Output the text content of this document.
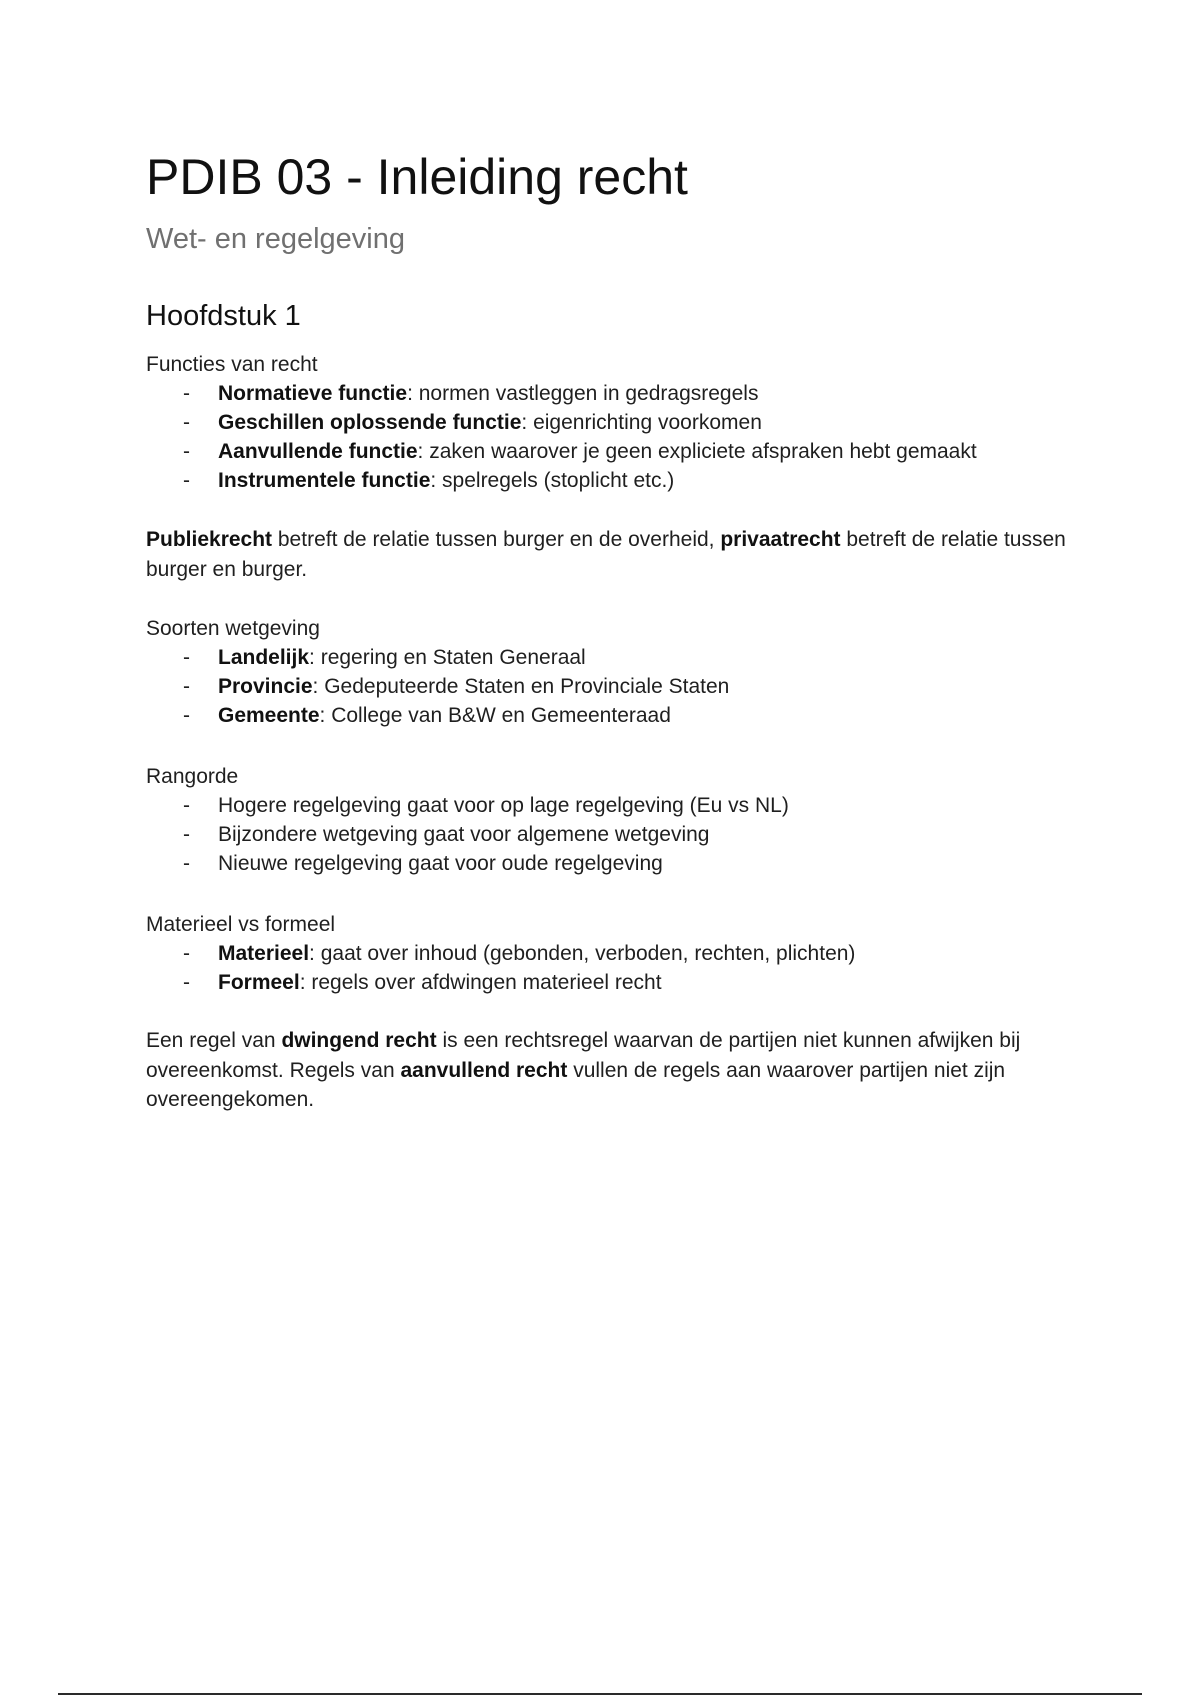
PDIB 03 - Inleiding recht
Wet- en regelgeving
Hoofdstuk 1

Functies van recht

- Normatieve functie: normen vastleggen in gedragsregels
- Geschillen oplossende functie: eigenrichting voorkomen
- Aanvullende functie: zaken waarover je geen expliciete afspraken hebt gemaakt
- Instrumentele functie: spelregels (stoplicht etc.)

Publiekrecht betreft de relatie tussen burger en de overheid, privaatrecht betreft de relatie tussen burger en burger.

Soorten wetgeving

- Landelijk: regering en Staten Generaal
- Provincie: Gedeputeerde Staten en Provinciale Staten
- Gemeente: College van B&W en Gemeenteraad

Rangorde

- Hogere regelgeving gaat voor op lage regelgeving (Eu vs NL)
- Bijzondere wetgeving gaat voor algemene wetgeving
- Nieuwe regelgeving gaat voor oude regelgeving

Materieel vs formeel

- Materieel: gaat over inhoud (gebonden, verboden, rechten, plichten)
- Formeel: regels over afdwingen materieel recht

Een regel van dwingend recht is een rechtsregel waarvan de partijen niet kunnen afwijken bij overeenkomst. Regels van aanvullend recht vullen de regels aan waarover partijen niet zijn overeengekomen.
